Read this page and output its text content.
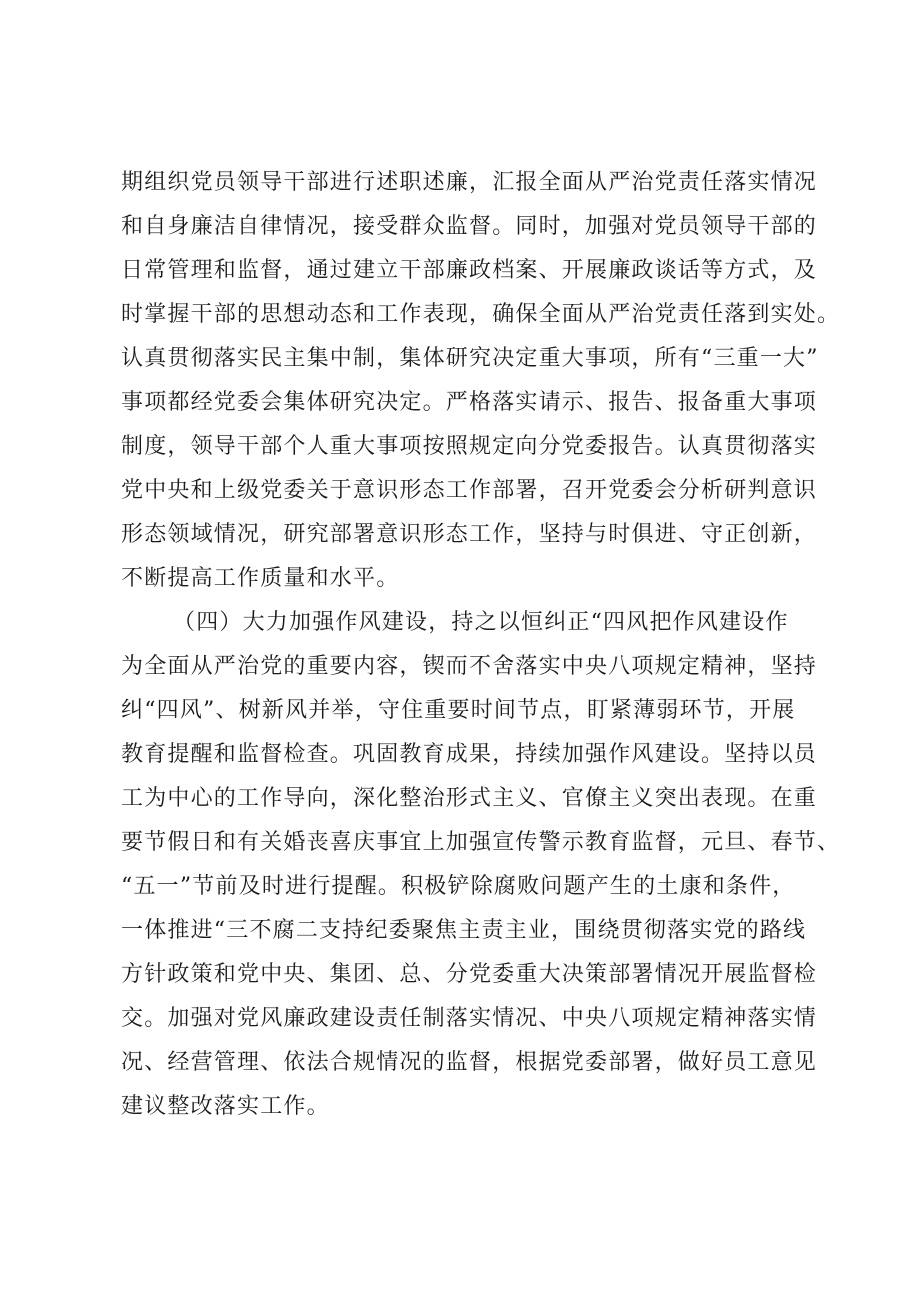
期组织党员领导干部进行述职述廉，汇报全面从严治党责任落实情况
和自身廉洁自律情况，接受群众监督。同时，加强对党员领导干部的
日常管理和监督，通过建立干部廉政档案、开展廉政谈话等方式，及
时掌握干部的思想动态和工作表现，确保全面从严治党责任落到实处。
认真贯彻落实民主集中制，集体研究决定重大事项，所有“三重一大”
事项都经党委会集体研究决定。严格落实请示、报告、报备重大事项
制度，领导干部个人重大事项按照规定向分党委报告。认真贯彻落实
党中央和上级党委关于意识形态工作部署，召开党委会分析研判意识
形态领域情况，研究部署意识形态工作，坚持与时俱进、守正创新，
不断提高工作质量和水平。
（四）大力加强作风建设，持之以恒纠正“四风把作风建设作
为全面从严治党的重要内容，锲而不舍落实中央八项规定精神，坚持
纠“四风”、树新风并举，守住重要时间节点，盯紧薄弱环节，开展
教育提醒和监督检查。巩固教育成果，持续加强作风建设。坚持以员
工为中心的工作导向，深化整治形式主义、官僚主义突出表现。在重
要节假日和有关婚丧喜庆事宜上加强宣传警示教育监督，元旦、春节、
“五一”节前及时进行提醒。积极铲除腐败问题产生的土康和条件，
一体推进“三不腐二支持纪委聚焦主责主业，围绕贯彻落实党的路线
方针政策和党中央、集团、总、分党委重大决策部署情况开展监督检
交。加强对党风廉政建设责任制落实情况、中央八项规定精神落实情
况、经营管理、依法合规情况的监督，根据党委部署，做好员工意见
建议整改落实工作。
